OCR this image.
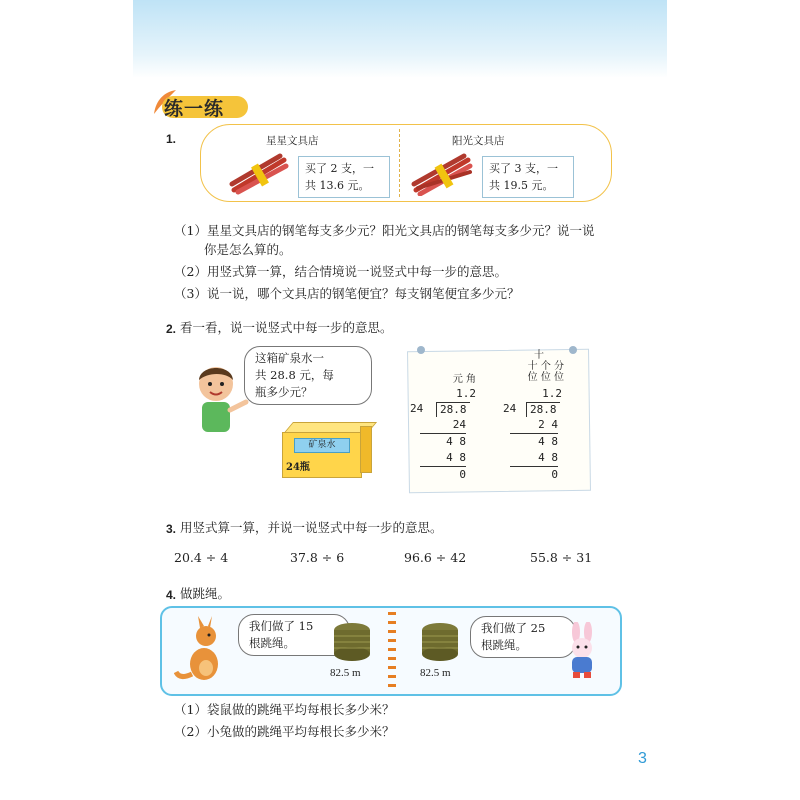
练一练
1.	星星文具店	阳光文具店
买了 2 支，一
共 13.6 元。
买了 3 支，一
共 19.5 元。
（1）星星文具店的钢笔每支多少元？阳光文具店的钢笔每支多少元？说一说
你是怎么算的。
（2）用竖式算一算，结合情境说一说竖式中每一步的意思。
（3）说一说，哪个文具店的钢笔便宜？每支钢笔便宜多少元？
2. 看一看，说一说竖式中每一步的意思。
这箱矿泉水一
共 28.8 元，每
瓶多少元？
矿泉水
24瓶
元 角
1.2
24	28.8
24
4 8
4 8
0
十
十 个 分
位 位 位
1.2
24	28.8
2 4
4 8
4 8
0
3. 用竖式算一算，并说一说竖式中每一步的意思。
20.4 ÷ 4	37.8 ÷ 6	96.6 ÷ 42	55.8 ÷ 31
4. 做跳绳。
我们做了 15
根跳绳。
82.5 m	82.5 m
我们做了 25
根跳绳。
（1）袋鼠做的跳绳平均每根长多少米？
（2）小兔做的跳绳平均每根长多少米？
3
